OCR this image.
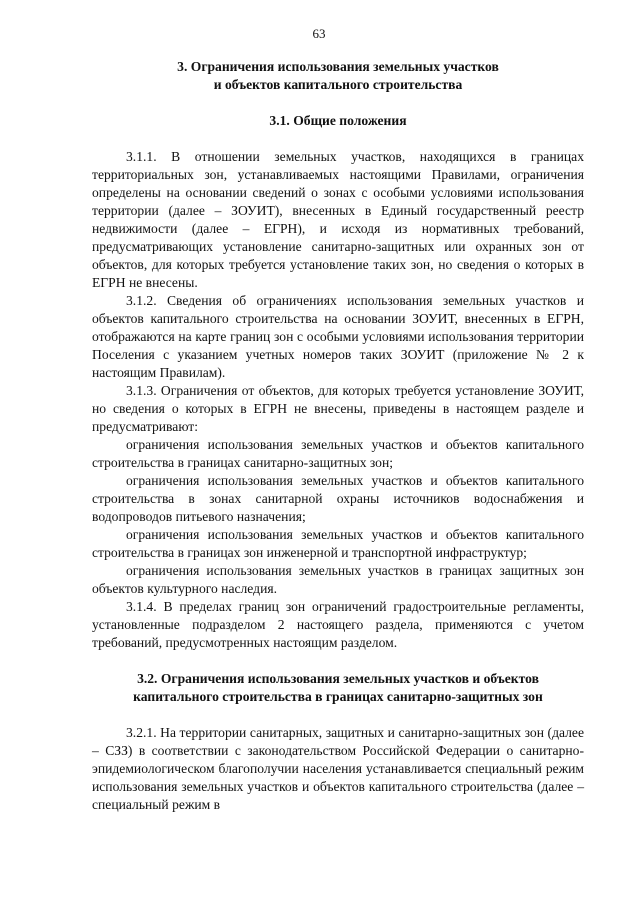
63
3. Ограничения использования земельных участков
и объектов капитального строительства
3.1. Общие положения

3.1.1. В отношении земельных участков, находящихся в границах территориальных зон, устанавливаемых настоящими Правилами, ограничения определены на основании сведений о зонах с особыми условиями использования территории (далее – ЗОУИТ), внесенных в Единый государственный реестр недвижимости (далее – ЕГРН), и исходя из нормативных требований, предусматривающих установление санитарно-защитных или охранных зон от объектов, для которых требуется установление таких зон, но сведения о которых в ЕГРН не внесены.

3.1.2. Сведения об ограничениях использования земельных участков и объектов капитального строительства на основании ЗОУИТ, внесенных в ЕГРН, отображаются на карте границ зон с особыми условиями использования территории Поселения с указанием учетных номеров таких ЗОУИТ (приложение № 2 к настоящим Правилам).

3.1.3. Ограничения от объектов, для которых требуется установление ЗОУИТ, но сведения о которых в ЕГРН не внесены, приведены в настоящем разделе и предусматривают:

ограничения использования земельных участков и объектов капитального строительства в границах санитарно-защитных зон;

ограничения использования земельных участков и объектов капитального строительства в зонах санитарной охраны источников водоснабжения и водопроводов питьевого назначения;

ограничения использования земельных участков и объектов капитального строительства в границах зон инженерной и транспортной инфраструктур;

ограничения использования земельных участков в границах защитных зон объектов культурного наследия.

3.1.4. В пределах границ зон ограничений градостроительные регламенты, установленные подразделом 2 настоящего раздела, применяются с учетом требований, предусмотренных настоящим разделом.

3.2. Ограничения использования земельных участков и объектов
капитального строительства в границах санитарно-защитных зон

3.2.1. На территории санитарных, защитных и санитарно-защитных зон (далее – СЗЗ) в соответствии с законодательством Российской Федерации о санитарно-эпидемиологическом благополучии населения устанавливается специальный режим использования земельных участков и объектов капитального строительства (далее – специальный режим в
